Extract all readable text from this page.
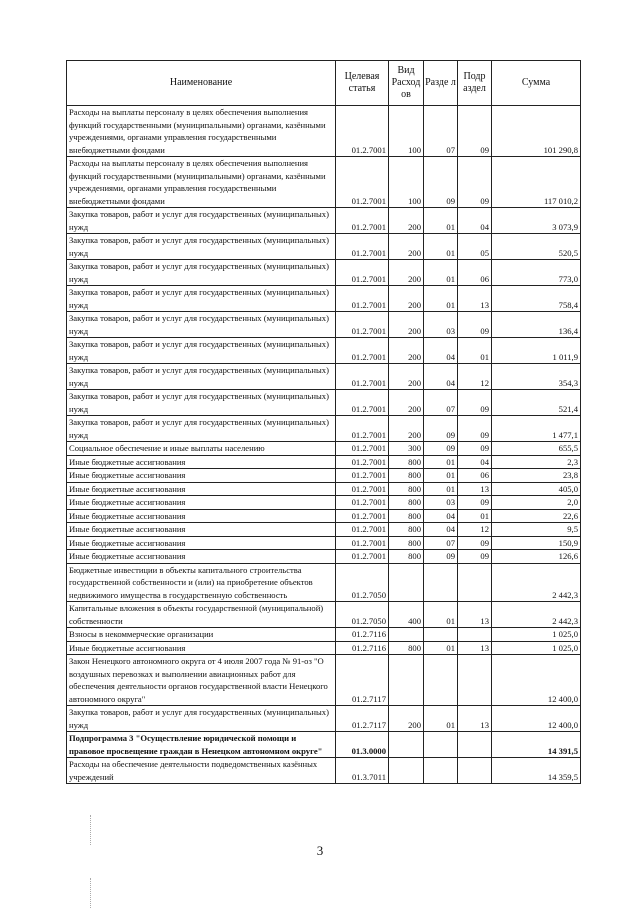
Наименование	Целевая статья	Вид Расход ов	Разде л	Подр аздел	Сумма
Расходы на выплаты персоналу в целях обеспечения выполнения функций государственными (муниципальными) органами, казёнными учреждениями, органами управления государственными внебюджетными фондами	01.2.7001	100	07	09	101 290,8
Расходы на выплаты персоналу в целях обеспечения выполнения функций государственными (муниципальными) органами, казёнными учреждениями, органами управления государственными внебюджетными фондами	01.2.7001	100	09	09	117 010,2
Закупка товаров, работ и услуг для государственных (муниципальных) нужд	01.2.7001	200	01	04	3 073,9
Закупка товаров, работ и услуг для государственных (муниципальных) нужд	01.2.7001	200	01	05	520,5
Закупка товаров, работ и услуг для государственных (муниципальных) нужд	01.2.7001	200	01	06	773,0
Закупка товаров, работ и услуг для государственных (муниципальных) нужд	01.2.7001	200	01	13	758,4
Закупка товаров, работ и услуг для государственных (муниципальных) нужд	01.2.7001	200	03	09	136,4
Закупка товаров, работ и услуг для государственных (муниципальных) нужд	01.2.7001	200	04	01	1 011,9
Закупка товаров, работ и услуг для государственных (муниципальных) нужд	01.2.7001	200	04	12	354,3
Закупка товаров, работ и услуг для государственных (муниципальных) нужд	01.2.7001	200	07	09	521,4
Закупка товаров, работ и услуг для государственных (муниципальных) нужд	01.2.7001	200	09	09	1 477,1
Социальное обеспечение и иные выплаты населению	01.2.7001	300	09	09	655,5
Иные бюджетные ассигнования	01.2.7001	800	01	04	2,3
Иные бюджетные ассигнования	01.2.7001	800	01	06	23,8
Иные бюджетные ассигнования	01.2.7001	800	01	13	405,0
Иные бюджетные ассигнования	01.2.7001	800	03	09	2,0
Иные бюджетные ассигнования	01.2.7001	800	04	01	22,6
Иные бюджетные ассигнования	01.2.7001	800	04	12	9,5
Иные бюджетные ассигнования	01.2.7001	800	07	09	150,9
Иные бюджетные ассигнования	01.2.7001	800	09	09	126,6
Бюджетные инвестиции в объекты капитального строительства государственной собственности и (или) на приобретение объектов недвижимого имущества в государственную собственность	01.2.7050				2 442,3
Капитальные вложения в объекты государственной (муниципальной) собственности	01.2.7050	400	01	13	2 442,3
Взносы в некоммерческие организации	01.2.7116				1 025,0
Иные бюджетные ассигнования	01.2.7116	800	01	13	1 025,0
Закон Ненецкого автономного округа от 4 июля 2007 года № 91-оз "О воздушных перевозках и выполнении авиационных работ для обеспечения деятельности органов государственной власти Ненецкого автономного округа"	01.2.7117				12 400,0
Закупка товаров, работ и услуг для государственных (муниципальных) нужд	01.2.7117	200	01	13	12 400,0
Подпрограмма 3 "Осуществление юридической помощи и правовое просвещение граждан в Ненецком автономном округе"	01.3.0000				14 391,5
Расходы на обеспечение деятельности подведомственных казённых учреждений	01.3.7011				14 359,5
3
